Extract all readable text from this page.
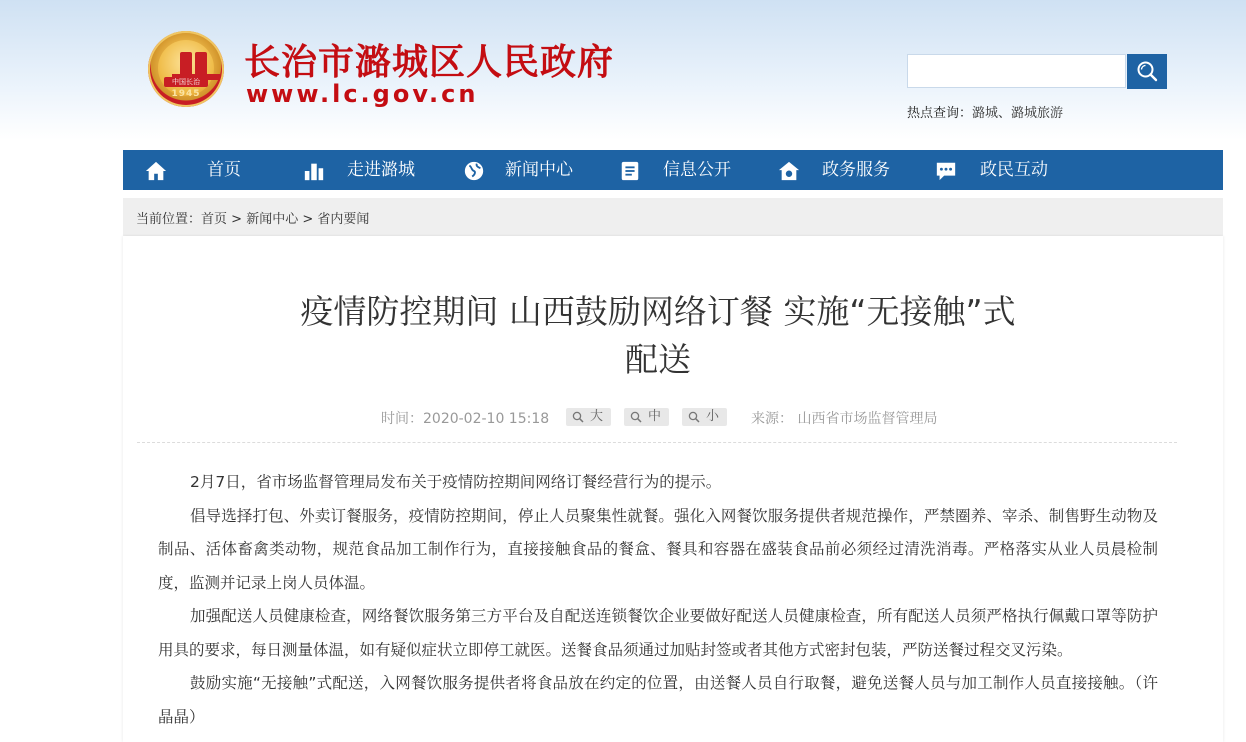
中国长治
1945
长治市潞城区人民政府
www.lc.gov.cn
热点查询：潞城、潞城旅游
首页	走进潞城	新闻中心	信息公开	政务服务	政民互动
当前位置：首页 > 新闻中心 > 省内要闻
疫情防控期间 山西鼓励网络订餐 实施“无接触”式
配送
时间：2020-02-10 15:18	大	中	小 来源： 山西省市场监督管理局

2月7日，省市场监督管理局发布关于疫情防控期间网络订餐经营行为的提示。

倡导选择打包、外卖订餐服务，疫情防控期间，停止人员聚集性就餐。强化入网餐饮服务提供者规范操作，严禁圈养、宰杀、制售野生动物及制品、活体畜禽类动物，规范食品加工制作行为，直接接触食品的餐盒、餐具和容器在盛装食品前必须经过清洗消毒。严格落实从业人员晨检制度，监测并记录上岗人员体温。

加强配送人员健康检查，网络餐饮服务第三方平台及自配送连锁餐饮企业要做好配送人员健康检查，所有配送人员须严格执行佩戴口罩等防护用具的要求，每日测量体温，如有疑似症状立即停工就医。送餐食品须通过加贴封签或者其他方式密封包装，严防送餐过程交叉污染。

鼓励实施“无接触”式配送，入网餐饮服务提供者将食品放在约定的位置，由送餐人员自行取餐，避免送餐人员与加工制作人员直接接触。（许晶晶）
